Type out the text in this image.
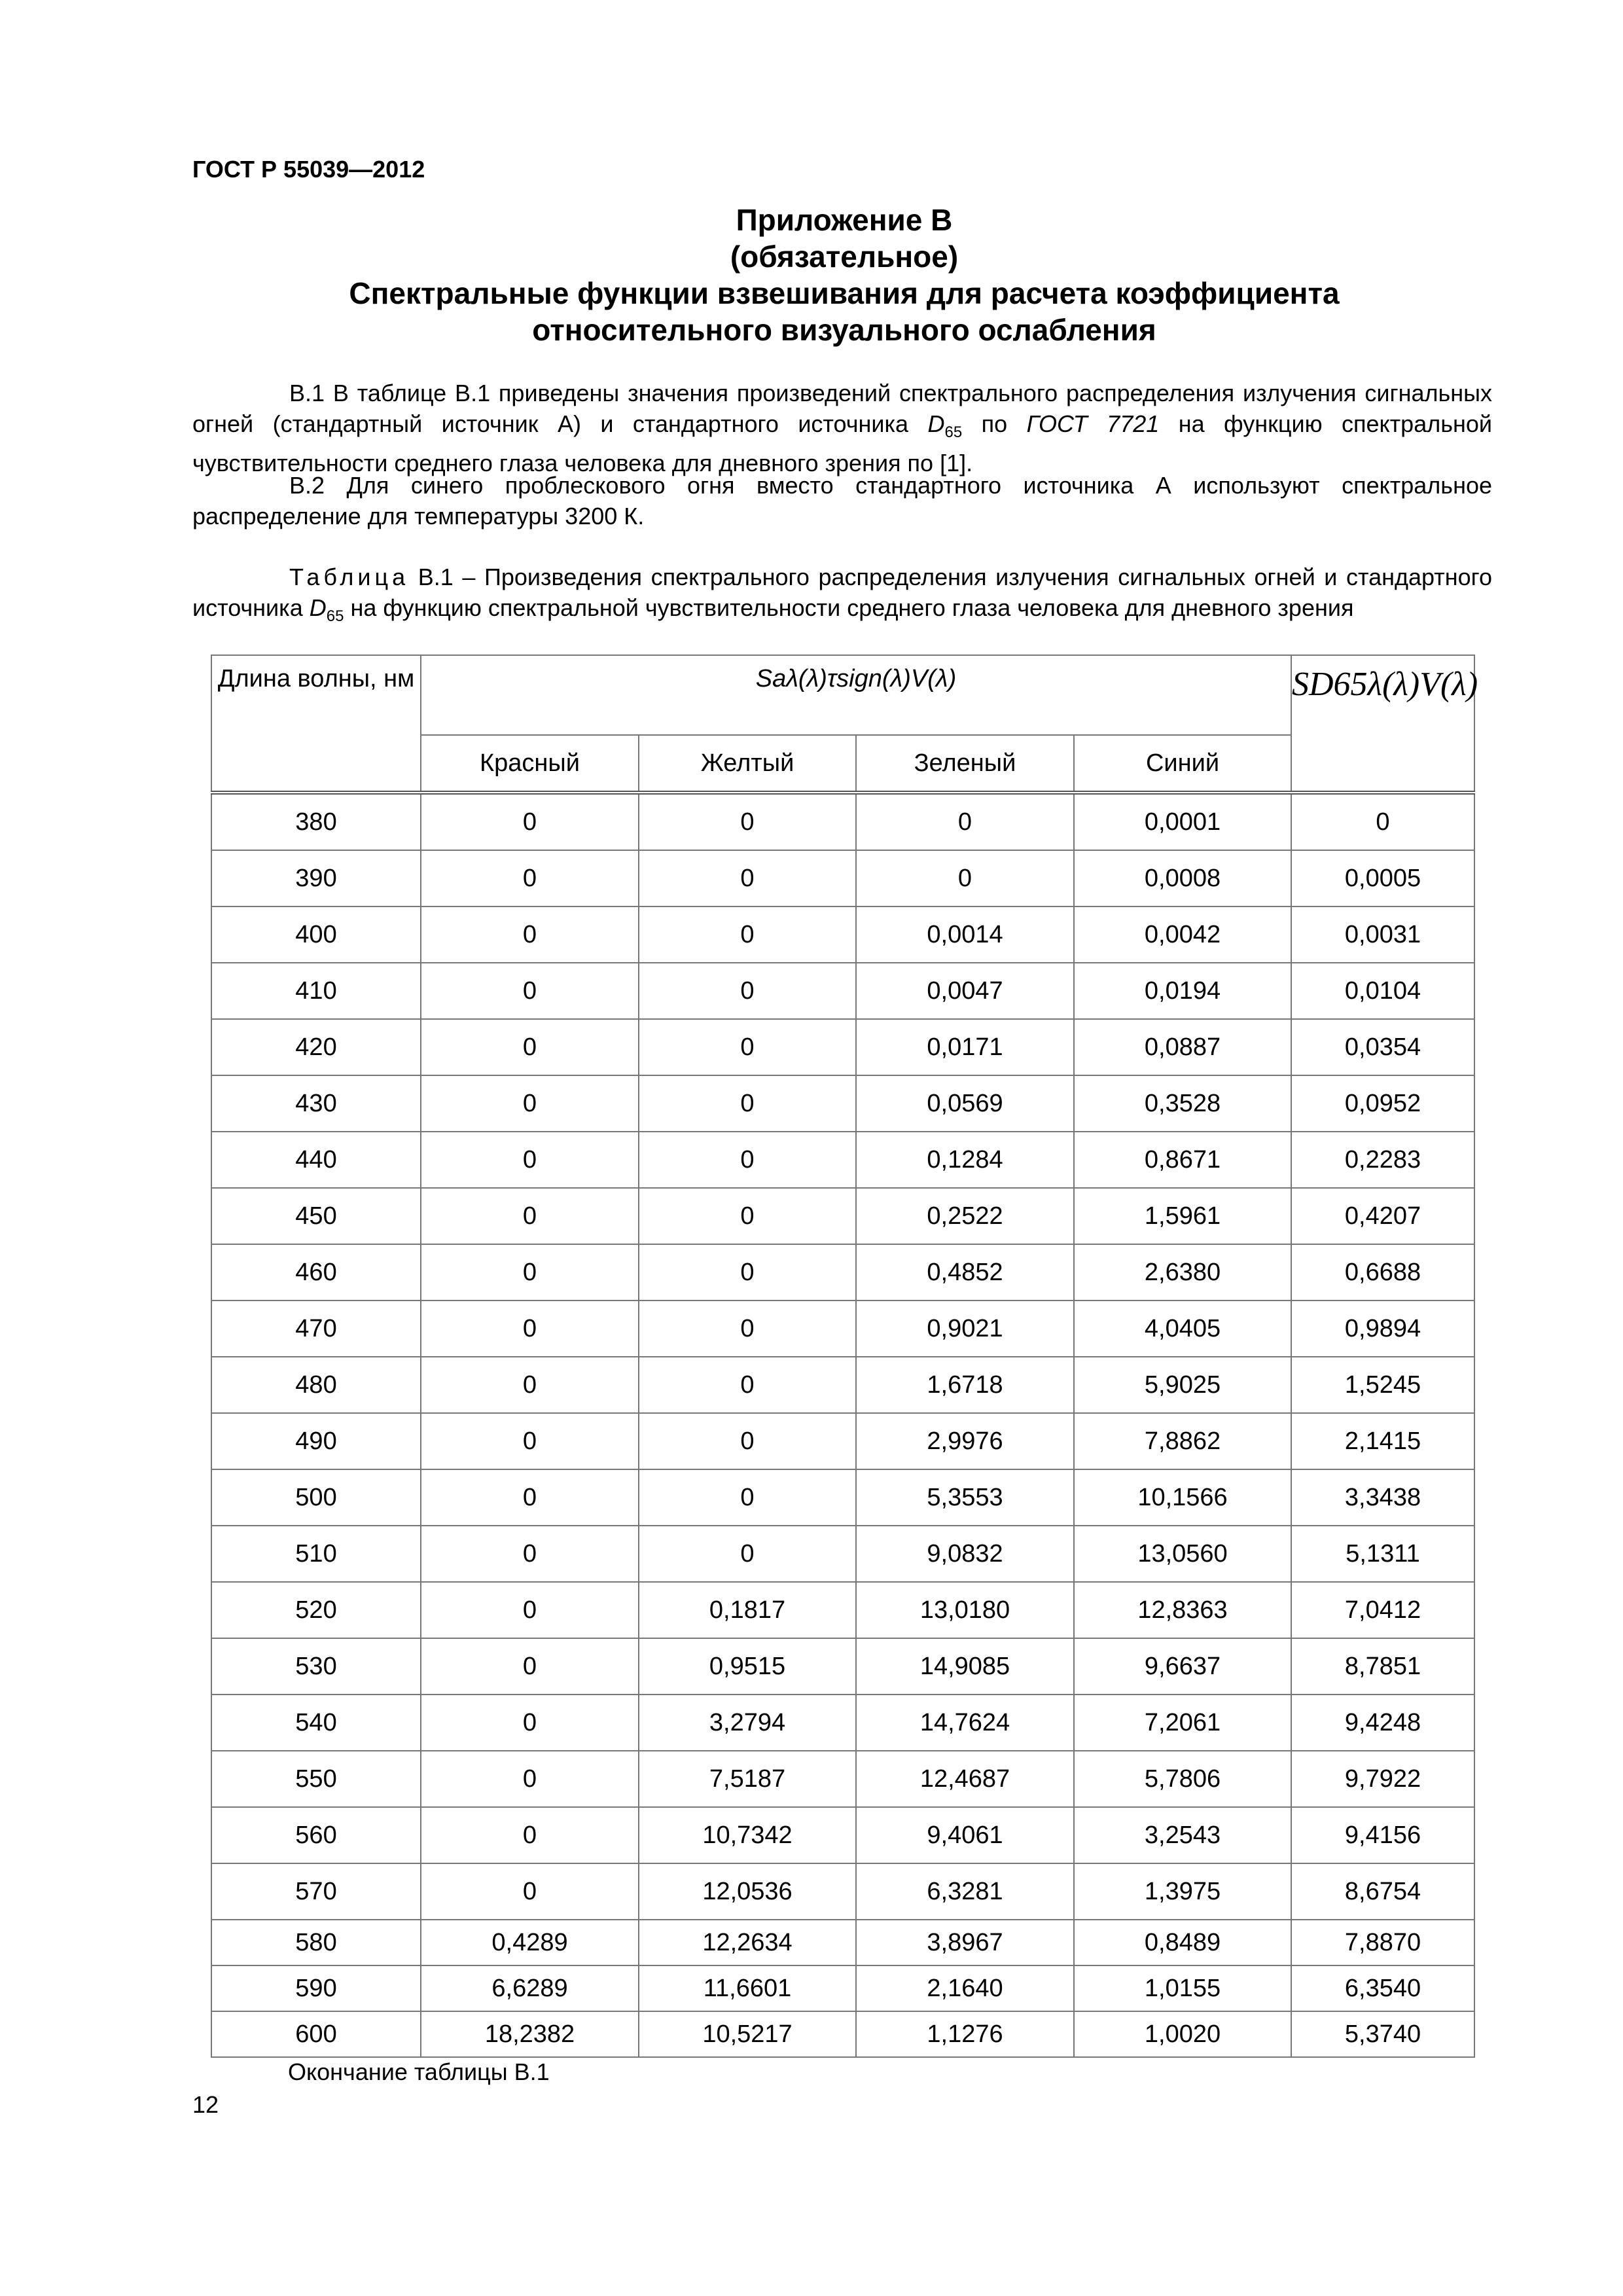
ГОСТ Р 55039—2012
Приложение В
(обязательное)
Спектральные функции взвешивания для расчета коэффициента
относительного визуального ослабления
В.1 В таблице В.1 приведены значения произведений спектрального распределения излучения сигнальных огней (стандартный источник А) и стандартного источника $D_{65}$ по ГОСТ 7721 на функцию спектральной чувствительности среднего глаза человека для дневного зрения по [1].
В.2 Для синего проблескового огня вместо стандартного источника А используют спектральное распределение для температуры 3200 К.
Таблица В.1 – Произведения спектрального распределения излучения сигнальных огней и стандартного источника $D_{65}$ на функцию спектральной чувствительности среднего глаза человека для дневного зрения
Длина волны, нм	Sаλ(λ)τsign(λ)V(λ)				SD65λ(λ)V(λ)
	Красный	Желтый	Зеленый	Синий	
380	0	0	0	0,0001	0
390	0	0	0	0,0008	0,0005
400	0	0	0,0014	0,0042	0,0031
410	0	0	0,0047	0,0194	0,0104
420	0	0	0,0171	0,0887	0,0354
430	0	0	0,0569	0,3528	0,0952
440	0	0	0,1284	0,8671	0,2283
450	0	0	0,2522	1,5961	0,4207
460	0	0	0,4852	2,6380	0,6688
470	0	0	0,9021	4,0405	0,9894
480	0	0	1,6718	5,9025	1,5245
490	0	0	2,9976	7,8862	2,1415
500	0	0	5,3553	10,1566	3,3438
510	0	0	9,0832	13,0560	5,1311
520	0	0,1817	13,0180	12,8363	7,0412
530	0	0,9515	14,9085	9,6637	8,7851
540	0	3,2794	14,7624	7,2061	9,4248
550	0	7,5187	12,4687	5,7806	9,7922
560	0	10,7342	9,4061	3,2543	9,4156
570	0	12,0536	6,3281	1,3975	8,6754
580	0,4289	12,2634	3,8967	0,8489	7,8870
590	6,6289	11,6601	2,1640	1,0155	6,3540
600	18,2382	10,5217	1,1276	1,0020	5,3740
Окончание таблицы В.1
12
